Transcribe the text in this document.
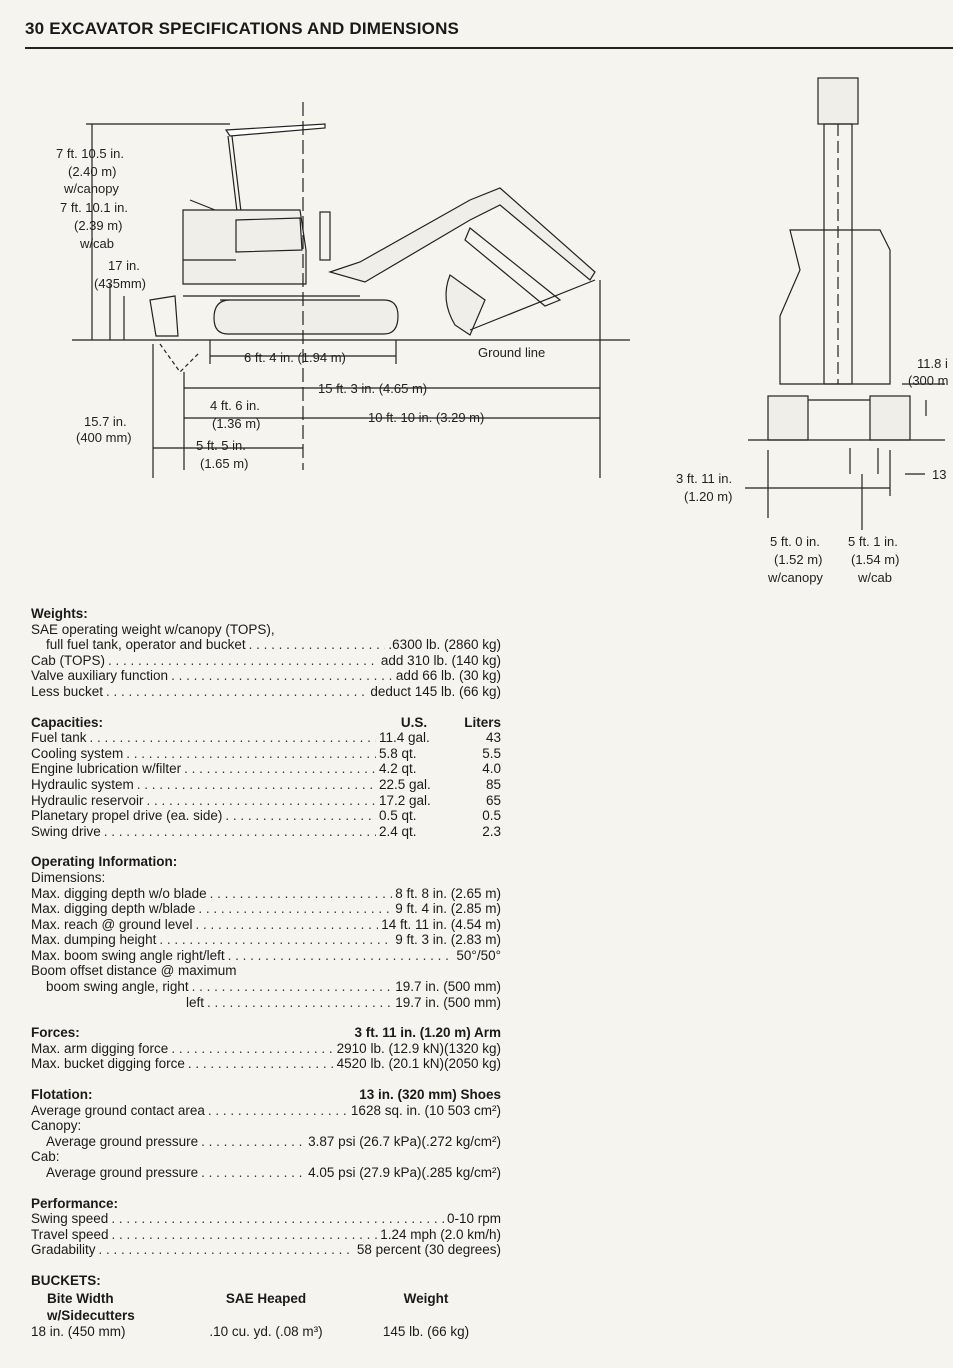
30 EXCAVATOR SPECIFICATIONS AND DIMENSIONS
7 ft. 10.5 in.
(2.40 m)
w/canopy
7 ft. 10.1 in.
(2.39 m)
w/cab
17 in.
(435mm)
6 ft. 4 in. (1.94 m)	Ground line
15 ft. 3 in. (4.65 m)
4 ft. 6 in.
(1.36 m)	10 ft. 10 in. (3.29 m)
5 ft. 5 in.
(1.65 m)
15.7 in.
(400 mm)
11.8 i
(300 m
13
3 ft. 11 in.
(1.20 m)
5 ft. 0 in.
(1.52 m)
w/canopy
5 ft. 1 in.
(1.54 m)
w/cab
Weights:
SAE operating weight w/canopy (TOPS),
full fuel tank, operator and bucket . . .	.6300 lb. (2860 kg)
Cab (TOPS) . . .	add 310 lb. (140 kg)
Valve auxiliary function . . .	add 66 lb. (30 kg)
Less bucket . . .	deduct 145 lb. (66 kg)
Capacities:	U.S.	Liters
Fuel tank . . .	11.4 gal.	43
Cooling system . . .	5.8 qt.	5.5
Engine lubrication w/filter . . .	4.2 qt.	4.0
Hydraulic system . . .	22.5 gal.	85
Hydraulic reservoir . . .	17.2 gal.	65
Planetary propel drive (ea. side) . . .	0.5 qt.	0.5
Swing drive . . .	2.4 qt.	2.3
Operating Information:
Dimensions:
Max. digging depth w/o blade . . .	8 ft. 8 in. (2.65 m)
Max. digging depth w/blade . . .	9 ft. 4 in. (2.85 m)
Max. reach @ ground level . . .	14 ft. 11 in. (4.54 m)
Max. dumping height . . .	9 ft. 3 in. (2.83 m)
Max. boom swing angle right/left . . .	50°/50°
Boom offset distance @ maximum
boom swing angle, right . . .	19.7 in. (500 mm)
left . . .	19.7 in. (500 mm)
Forces:	3 ft. 11 in. (1.20 m) Arm
Max. arm digging force . . .	2910 lb. (12.9 kN)(1320 kg)
Max. bucket digging force . . .	4520 lb. (20.1 kN)(2050 kg)
Flotation:	13 in. (320 mm) Shoes
Average ground contact area . . .	1628 sq. in. (10 503 cm²)
Canopy:
Average ground pressure . . .	3.87 psi (26.7 kPa)(.272 kg/cm²)
Cab:
Average ground pressure . . .	4.05 psi (27.9 kPa)(.285 kg/cm²)
Performance:
Swing speed . . .	0-10 rpm
Travel speed . . .	1.24 mph (2.0 km/h)
Gradability . . .	58 percent (30 degrees)
BUCKETS:
Bite Width	SAE Heaped	Weight
w/Sidecutters
18 in. (450 mm)	.10 cu. yd. (.08 m³)	145 lb. (66 kg)
